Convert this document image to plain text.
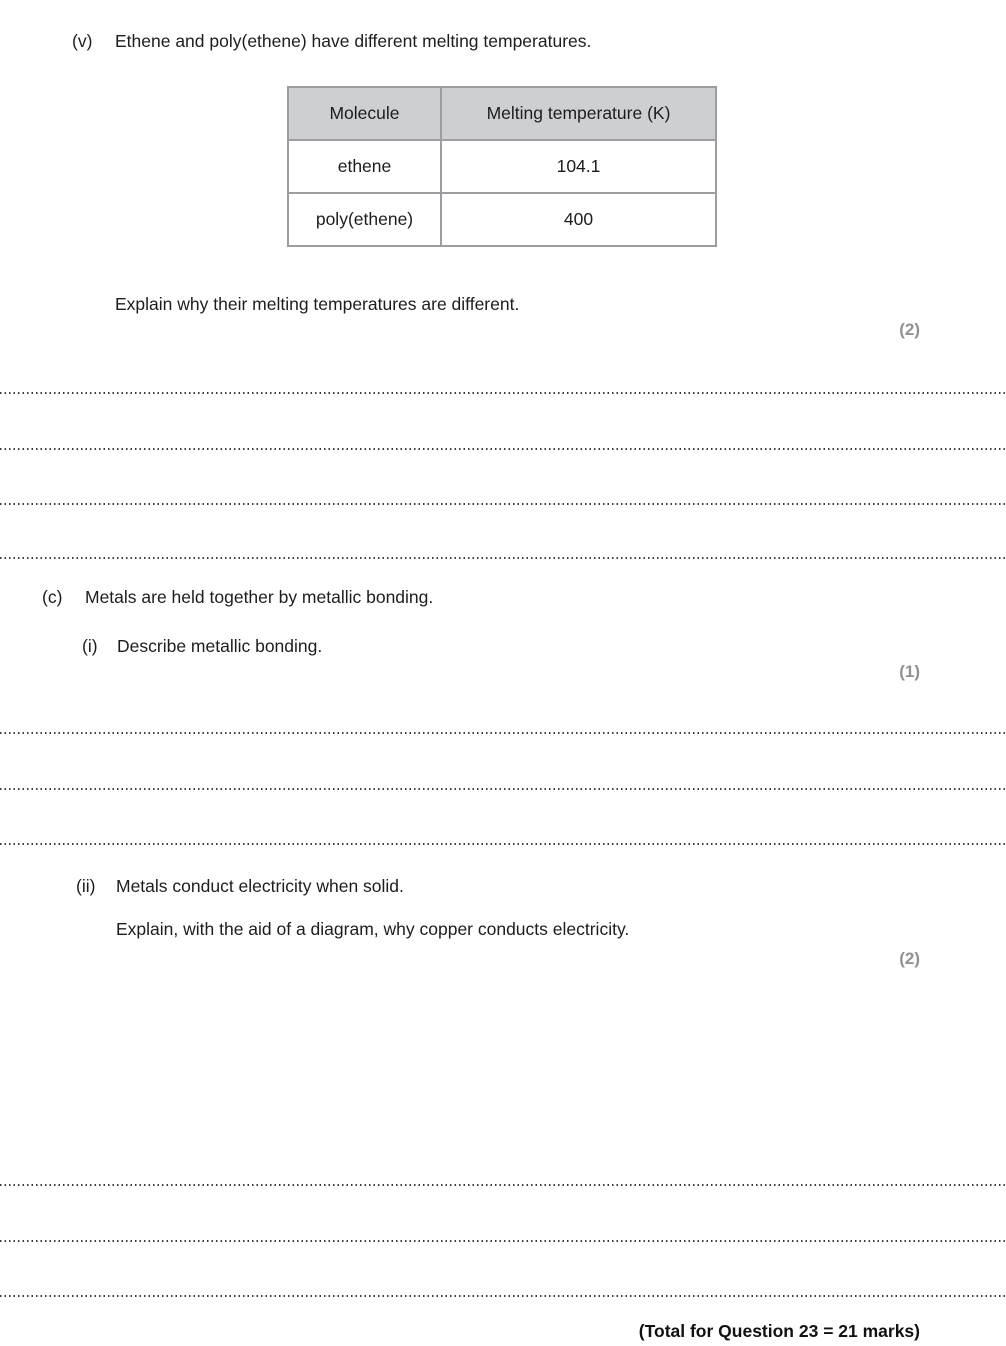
(v)	Ethene and poly(ethene) have different melting temperatures.
Molecule	Melting temperature (K)
ethene	104.1
poly(ethene)	400
Explain why their melting temperatures are different.
(2)
(c)	Metals are held together by metallic bonding.
(i)	Describe metallic bonding.
(1)
(ii)	Metals conduct electricity when solid.
Explain, with the aid of a diagram, why copper conducts electricity.
(2)
(Total for Question 23 = 21 marks)
